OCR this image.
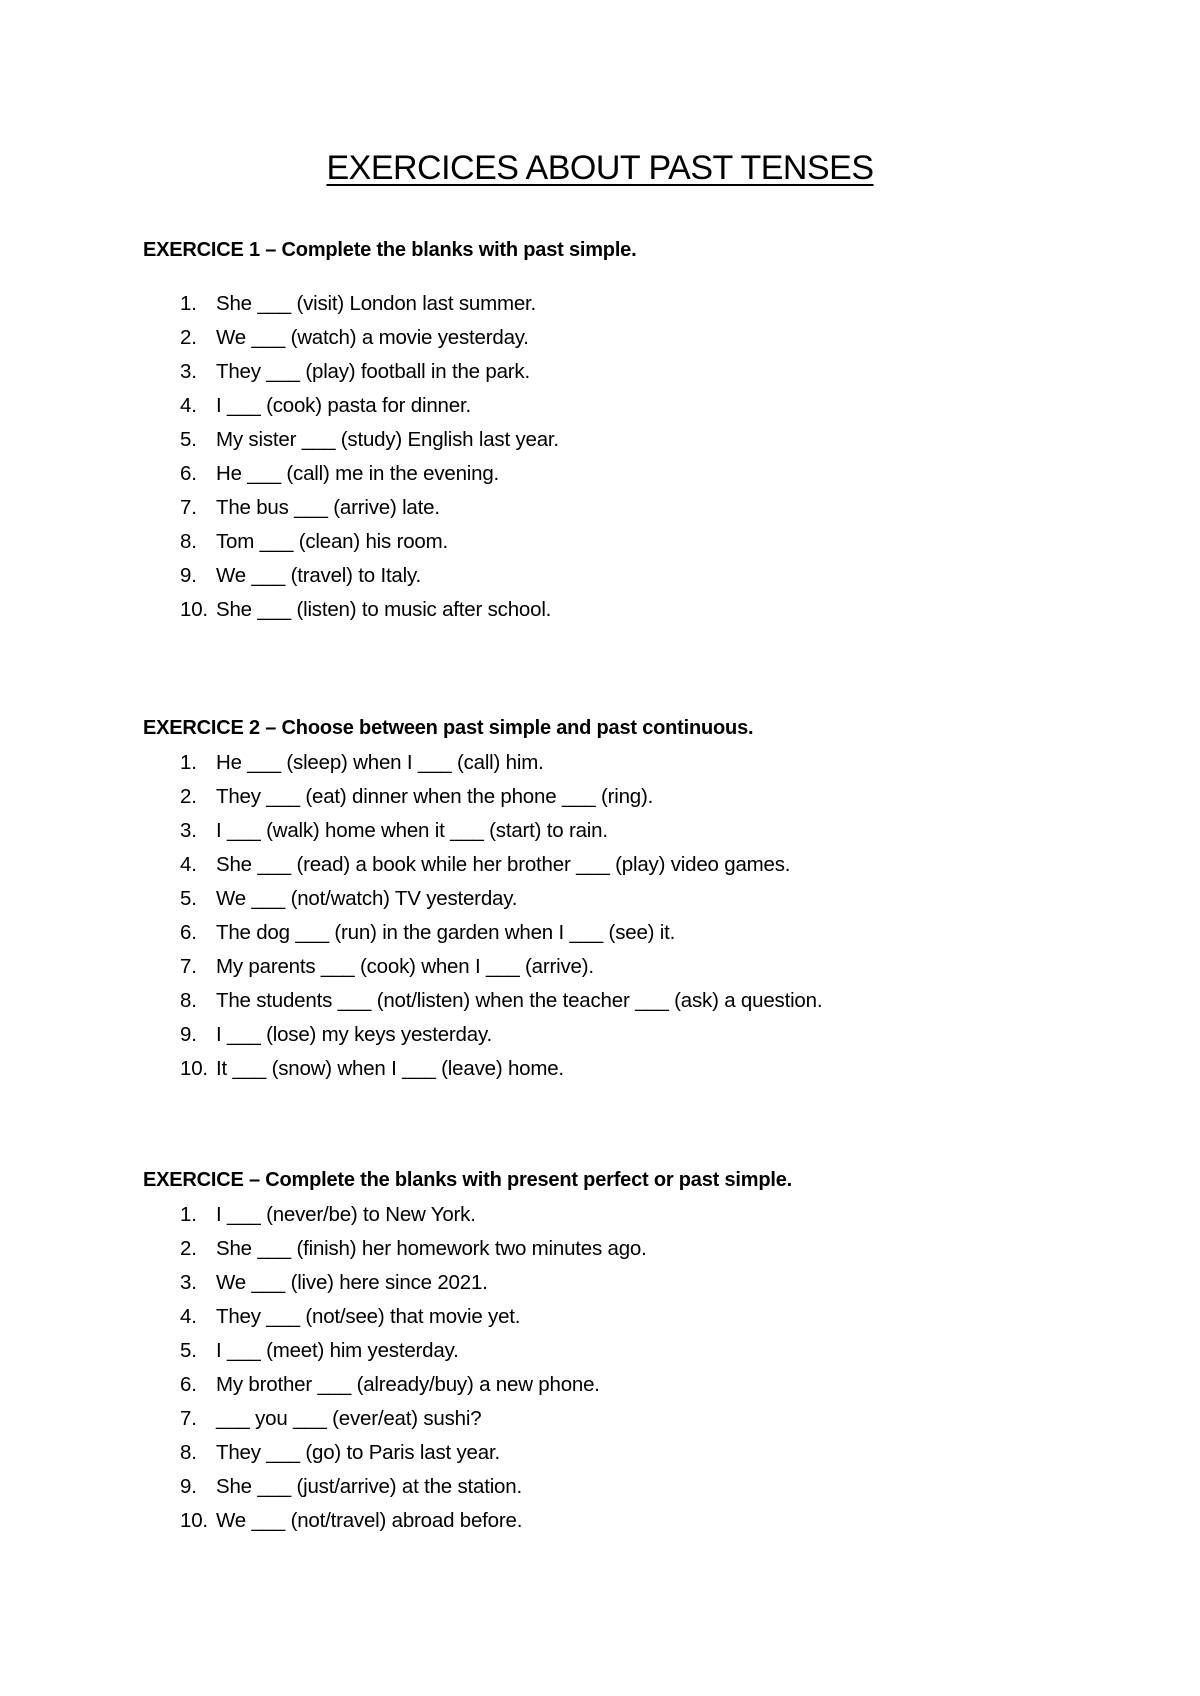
EXERCICES ABOUT PAST TENSES
EXERCICE 1 – Complete the blanks with past simple.
1. She ___ (visit) London last summer.
2. We ___ (watch) a movie yesterday.
3. They ___ (play) football in the park.
4. I ___ (cook) pasta for dinner.
5. My sister ___ (study) English last year.
6. He ___ (call) me in the evening.
7. The bus ___ (arrive) late.
8. Tom ___ (clean) his room.
9. We ___ (travel) to Italy.
10. She ___ (listen) to music after school.
EXERCICE 2 – Choose between past simple and past continuous.
1. He ___ (sleep) when I ___ (call) him.
2. They ___ (eat) dinner when the phone ___ (ring).
3. I ___ (walk) home when it ___ (start) to rain.
4. She ___ (read) a book while her brother ___ (play) video games.
5. We ___ (not/watch) TV yesterday.
6. The dog ___ (run) in the garden when I ___ (see) it.
7. My parents ___ (cook) when I ___ (arrive).
8. The students ___ (not/listen) when the teacher ___ (ask) a question.
9. I ___ (lose) my keys yesterday.
10. It ___ (snow) when I ___ (leave) home.
EXERCICE – Complete the blanks with present perfect or past simple.
1. I ___ (never/be) to New York.
2. She ___ (finish) her homework two minutes ago.
3. We ___ (live) here since 2021.
4. They ___ (not/see) that movie yet.
5. I ___ (meet) him yesterday.
6. My brother ___ (already/buy) a new phone.
7. ___ you ___ (ever/eat) sushi?
8. They ___ (go) to Paris last year.
9. She ___ (just/arrive) at the station.
10. We ___ (not/travel) abroad before.
